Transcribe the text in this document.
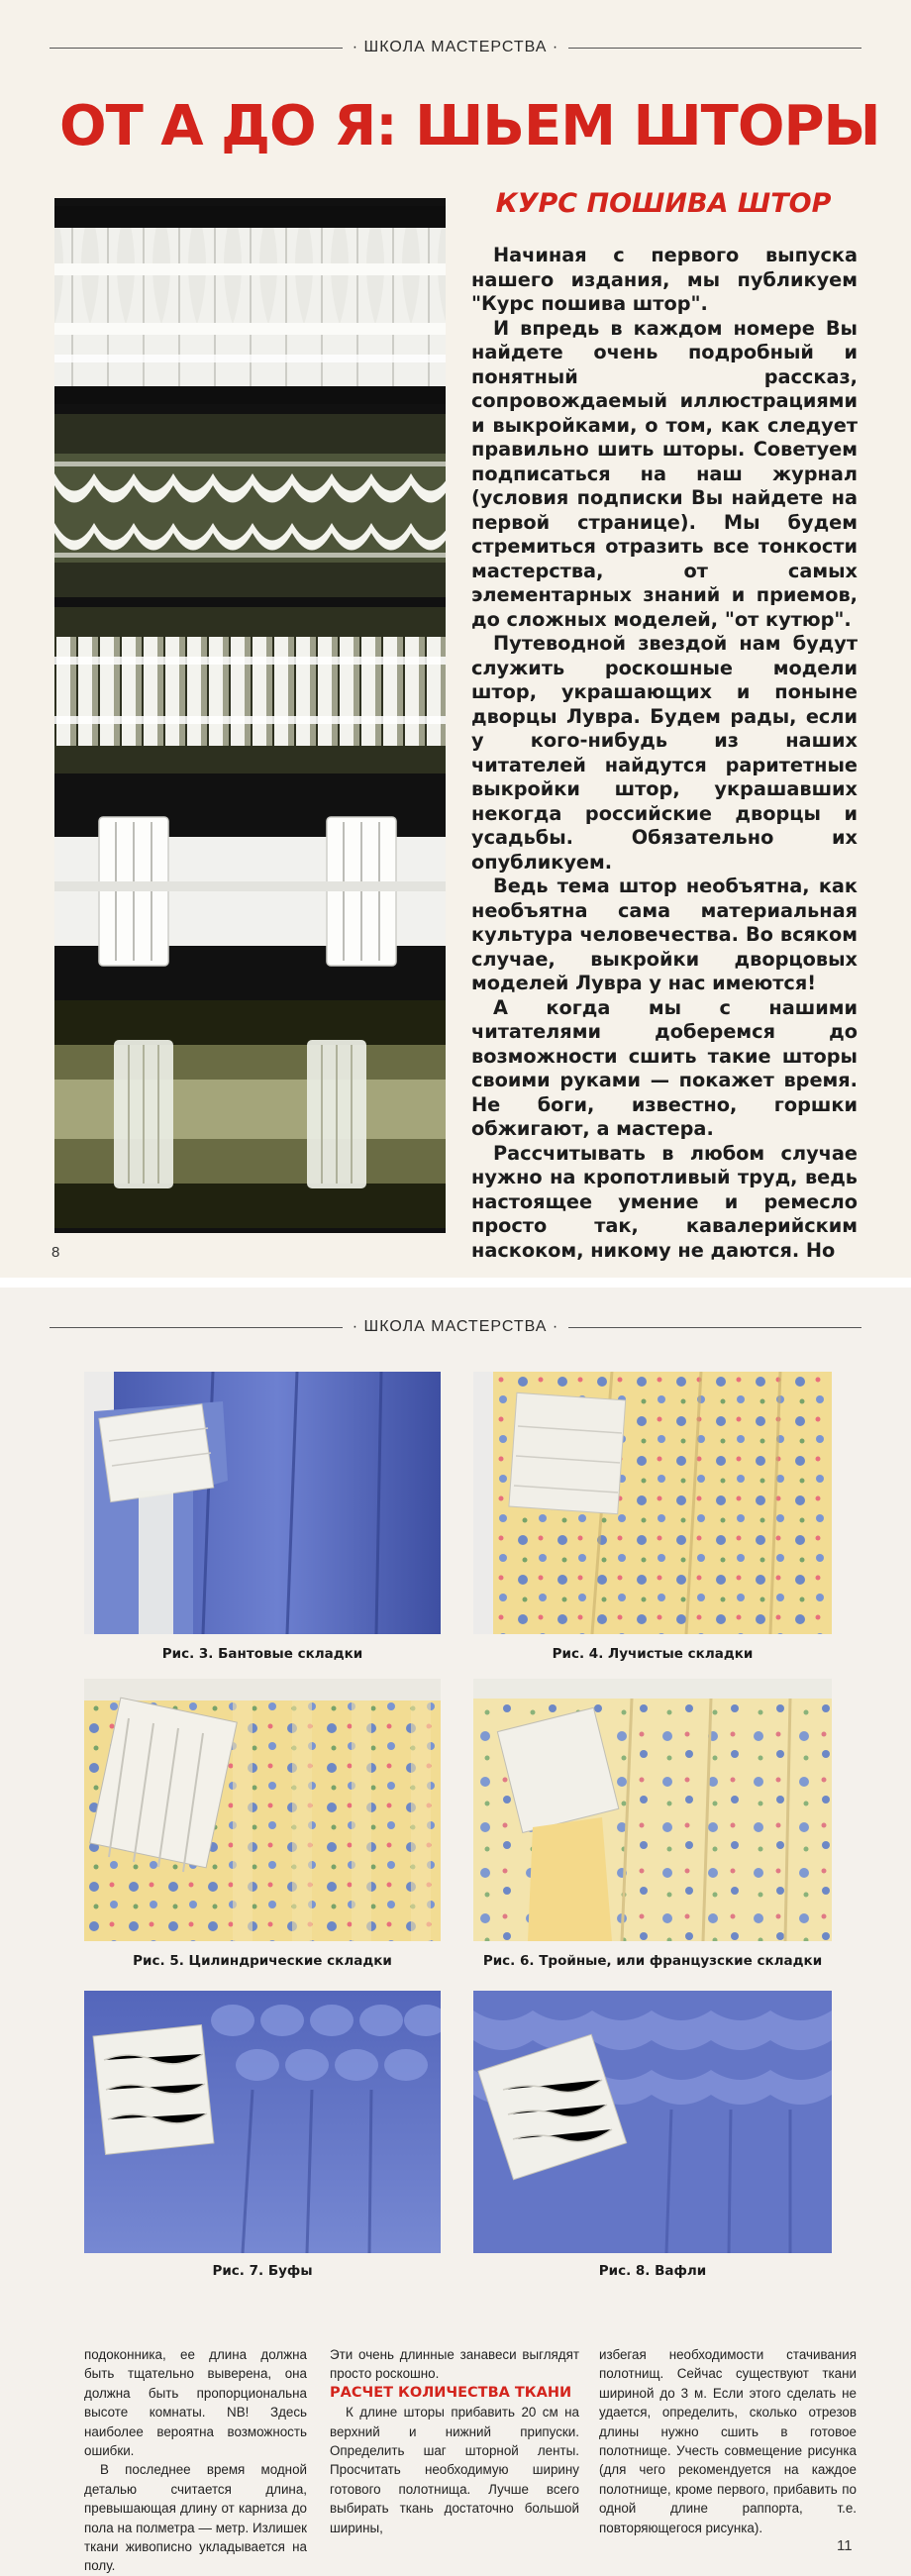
· ШКОЛА МАСТЕРСТВА ·
ОТ А ДО Я: ШЬЕМ ШТОРЫ
КУРС ПОШИВА ШТОР

Начиная с первого выпуска нашего издания, мы публикуем "Курс пошива штор".

И впредь в каждом номере Вы найдете очень подробный и понятный рассказ, сопровождаемый иллюстрациями и выкройками, о том, как следует правильно шить шторы. Советуем подписаться на наш журнал (условия подписки Вы найдете на первой странице). Мы будем стремиться отразить все тонкости мастерства, от самых элементарных знаний и приемов, до сложных моделей, "от кутюр".

Путеводной звездой нам будут служить роскошные модели штор, украшающих и поныне дворцы Лувра. Будем рады, если у кого-нибудь из наших читателей найдутся раритетные выкройки штор, украшавших некогда российские дворцы и усадьбы. Обязательно их опубликуем.

Ведь тема штор необъятна, как необъятна сама материальная культура человечества. Во всяком случае, выкройки дворцовых моделей Лувра у нас имеются!

А когда мы с нашими читателями доберемся до возможности сшить такие шторы своими руками — покажет время. Не боги, известно, горшки обжигают, а мастера.

Рассчитывать в любом случае нужно на кропотливый труд, ведь настоящее умение и ремесло просто так, кавалерийским наскоком, никому не даются. Но

8
· ШКОЛА МАСТЕРСТВА ·
Рис. 3. Бантовые складки	Рис. 4. Лучистые складки
Рис. 5. Цилиндрические складки	Рис. 6. Тройные, или французские складки
Рис. 7. Буфы	Рис. 8. Вафли

подоконника, ее длина должна быть тщательно выверена, она должна быть пропорциональна высоте комнаты. NB! Здесь наиболее вероятна возможность ошибки.

В последнее время модной деталью считается длина, превышающая длину от карниза до пола на полметра — метр. Излишек ткани живописно укладывается на полу.

Эти очень длинные занавеси выглядят просто роскошно.

РАСЧЕТ КОЛИЧЕСТВА ТКАНИ

К длине шторы прибавить 20 см на верхний и нижний припуски. Определить шаг шторной ленты. Просчитать необходимую ширину готового полотнища. Лучше всего выбирать ткань достаточно большой ширины,

избегая необходимости стачивания полотнищ. Сейчас существуют ткани шириной до 3 м. Если этого сделать не удается, определить, сколько отрезов длины нужно сшить в готовое полотнище. Учесть совмещение рисунка (для чего рекомендуется на каждое полотнище, кроме первого, прибавить по одной длине раппорта, т.е. повторяющегося рисунка).

11
